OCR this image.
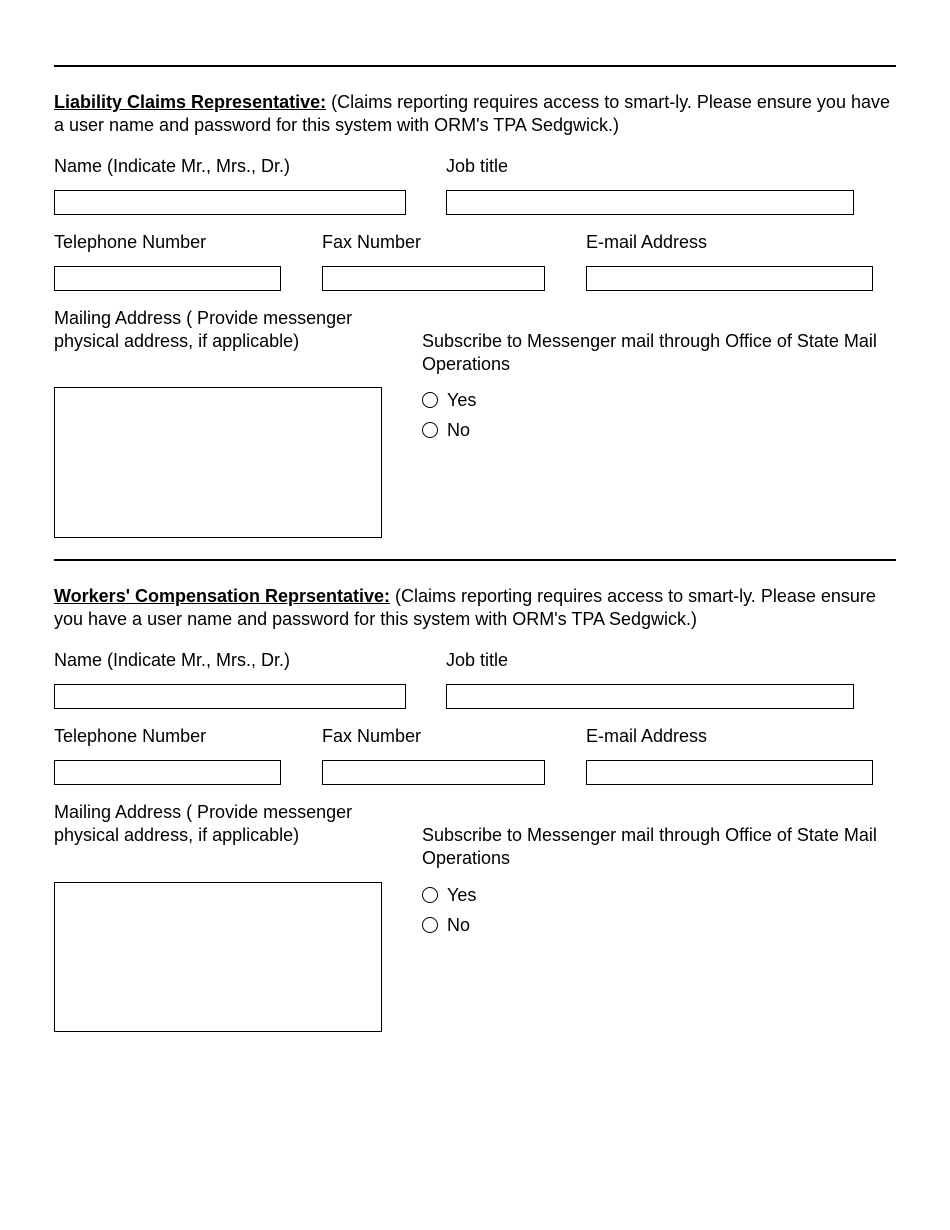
Liability Claims Representative: (Claims reporting requires access to smart-ly. Please ensure you have a user name and password for this system with ORM's TPA Sedgwick.)
Name (Indicate Mr., Mrs., Dr.)	Job title
Telephone Number	Fax Number	E-mail Address
Mailing Address ( Provide messenger physical address, if applicable)	Subscribe to Messenger mail through Office of State Mail Operations
Yes
No
Workers' Compensation Reprsentative: (Claims reporting requires access to smart-ly. Please ensure you have a user name and password for this system with ORM's TPA Sedgwick.)
Name (Indicate Mr., Mrs., Dr.)	Job title
Telephone Number	Fax Number	E-mail Address
Mailing Address ( Provide messenger physical address, if applicable)	Subscribe to Messenger mail through Office of State Mail Operations
Yes
No
